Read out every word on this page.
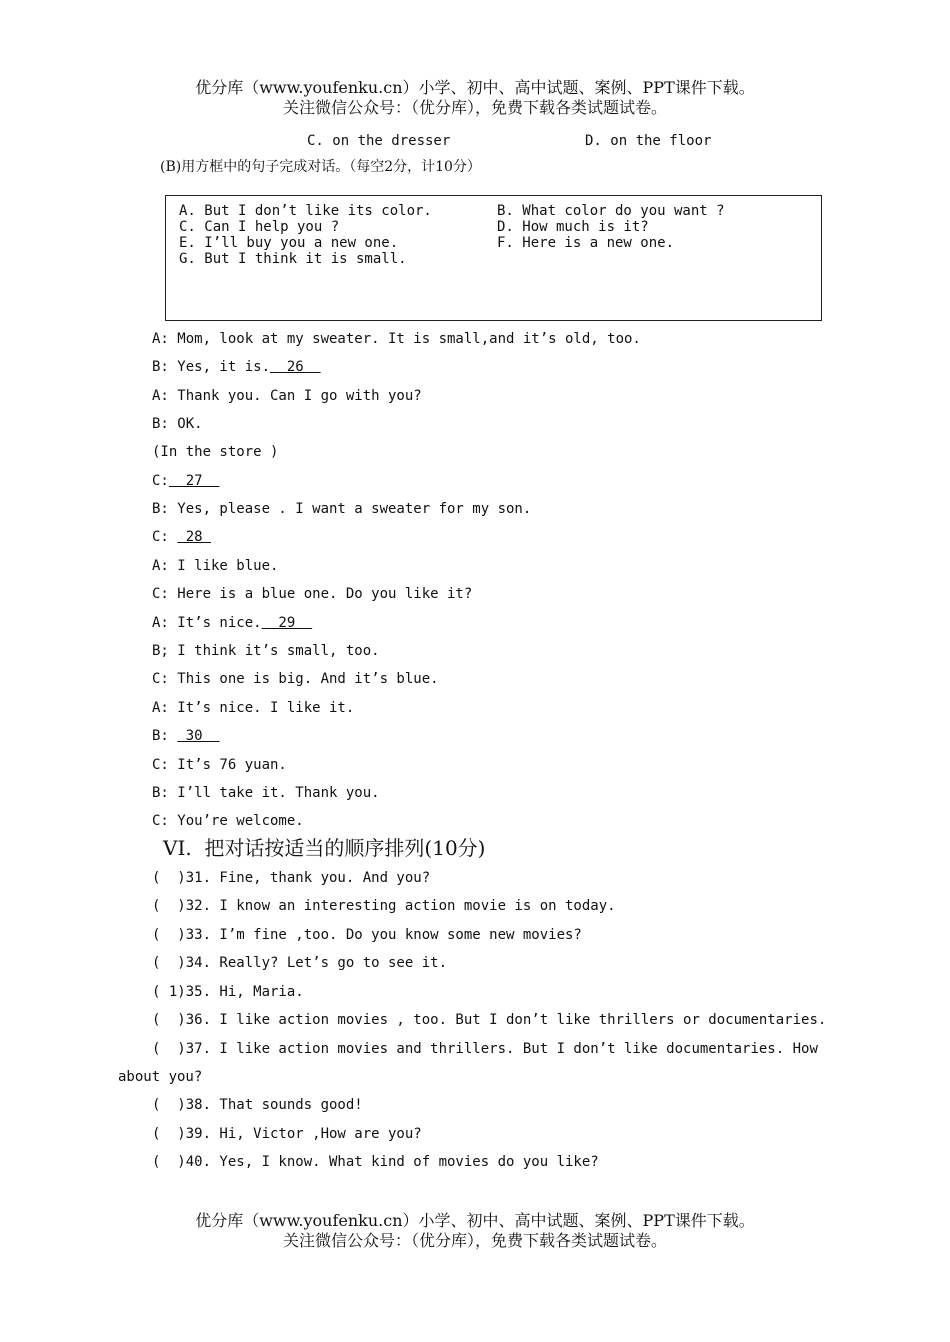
优分库（www.youfenku.cn）小学、初中、高中试题、案例、PPT课件下载。
关注微信公众号：（优分库），免费下载各类试题试卷。
C. on the dresser	D. on the floor
(B)用方框中的句子完成对话。（每空2分，计10分）
A. But I don’t like its color.	B. What color do you want ?
C. Can I help you ?	D. How much is it?
E. I’ll buy you a new one.	F. Here is a new one.
G. But I think it is small.
A: Mom, look at my sweater. It is small,and it’s old, too.
B: Yes, it is.  26
A: Thank you. Can I go with you?
B: OK.
(In the store )
C:  27
B: Yes, please . I want a sweater for my son.
C:  28
A: I like blue.
C: Here is a blue one. Do you like it?
A: It’s nice.  29
B; I think it’s small, too.
C: This one is big. And it’s blue.
A: It’s nice. I like it.
B:  30
C: It’s 76 yuan.
B: I’ll take it. Thank you.
C: You’re welcome.
VI.  把对话按适当的顺序排列(10分)
(  )31. Fine, thank you. And you?
(  )32. I know an interesting action movie is on today.
(  )33. I’m fine ,too. Do you know some new movies?
(  )34. Really? Let’s go to see it.
( 1)35. Hi, Maria.
(  )36. I like action movies , too. But I don’t like thrillers or documentaries.
(  )37. I like action movies and thrillers. But I don’t like documentaries. How
about you?
(  )38. That sounds good!
(  )39. Hi, Victor ,How are you?
(  )40. Yes, I know. What kind of movies do you like?
优分库（www.youfenku.cn）小学、初中、高中试题、案例、PPT课件下载。
关注微信公众号：（优分库），免费下载各类试题试卷。
